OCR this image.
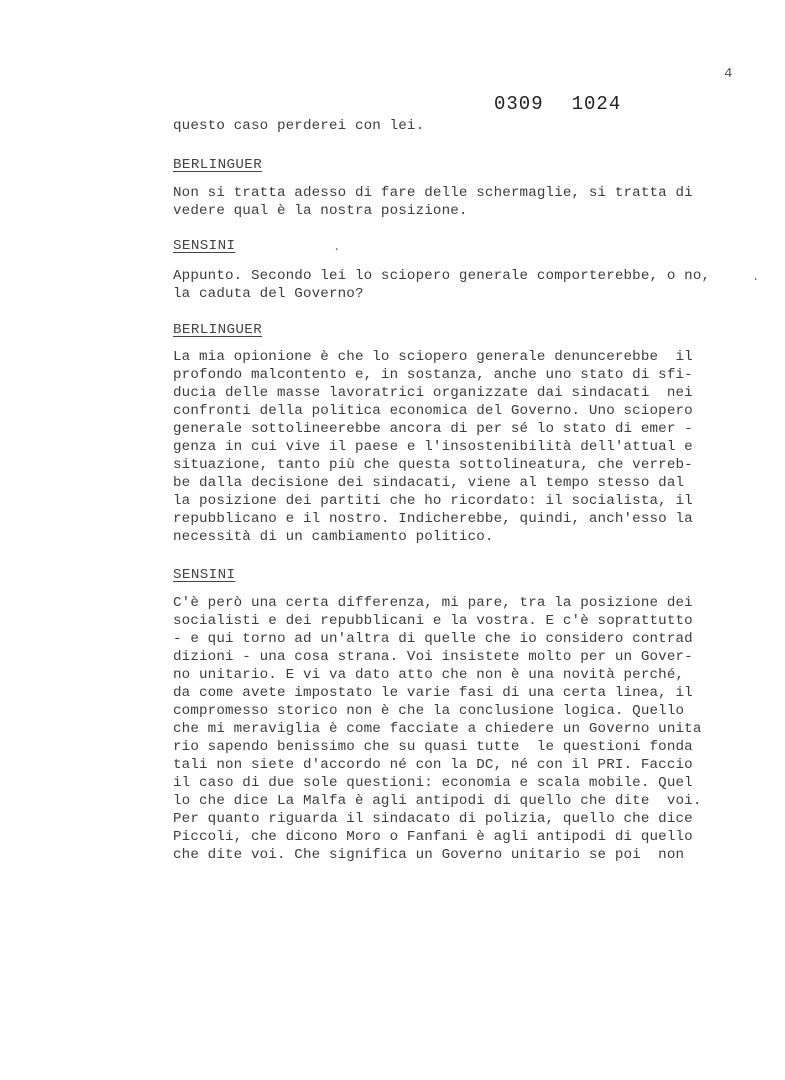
4
0309 1024
questo caso perderei con lei.
BERLINGUER
Non si tratta adesso di fare delle schermaglie, si tratta di
vedere qual è la nostra posizione.
SENSINI	.
Appunto. Secondo lei lo sciopero generale comporterebbe, o no,	.
la caduta del Governo?
BERLINGUER
La mia opionione è che lo sciopero generale denuncerebbe  il
profondo malcontento e, in sostanza, anche uno stato di sfi-
ducia delle masse lavoratrici organizzate dai sindacati  nei
confronti della politica economica del Governo. Uno sciopero
generale sottolineerebbe ancora di per sé lo stato di emer -
genza in cui vive il paese e l'insostenibilità dell'attual e
situazione, tanto più che questa sottolineatura, che verreb-
be dalla decisione dei sindacati, viene al tempo stesso dal
la posizione dei partiti che ho ricordato: il socialista, il
repubblicano e il nostro. Indicherebbe, quindi, anch'esso la
necessità di un cambiamento politico.
SENSINI
C'è però una certa differenza, mi pare, tra la posizione dei
socialisti e dei repubblicani e la vostra. E c'è soprattutto
- e qui torno ad un'altra di quelle che io considero contrad
dizioni - una cosa strana. Voi insistete molto per un Gover-
no unitario. E vi va dato atto che non è una novità perché,
da come avete impostato le varie fasi di una certa linea, il
compromesso storico non è che la conclusione logica. Quello
che mi meraviglia è come facciate a chiedere un Governo unita
rio sapendo benissimo che su quasi tutte  le questioni fonda
tali non siete d'accordo né con la DC, né con il PRI. Faccio
il caso di due sole questioni: economia e scala mobile. Quel
lo che dice La Malfa è agli antipodi di quello che dite  voi.
Per quanto riguarda il sindacato di polizia, quello che dice
Piccoli, che dicono Moro o Fanfani è agli antipodi di quello
che dite voi. Che significa un Governo unitario se poi  non
